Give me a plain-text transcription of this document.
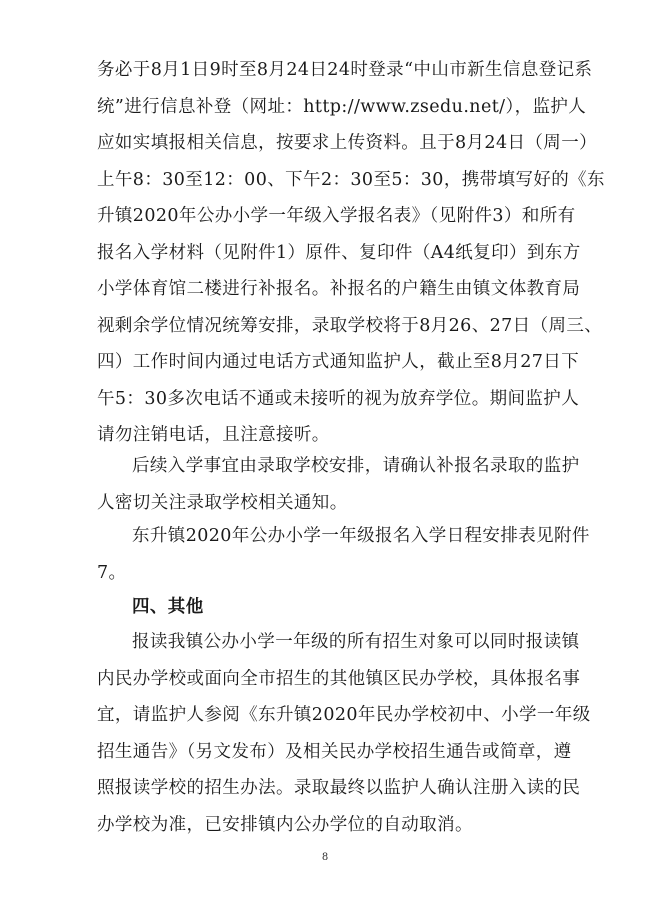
务必于8月1日9时至8月24日24时登录“中山市新生信息登记系
统”进行信息补登（网址：http://www.zsedu.net/），监护人
应如实填报相关信息，按要求上传资料。且于8月24日（周一）
上午8：30至12：00、下午2：30至5：30，携带填写好的《东
升镇2020年公办小学一年级入学报名表》（见附件3）和所有
报名入学材料（见附件1）原件、复印件（A4纸复印）到东方
小学体育馆二楼进行补报名。补报名的户籍生由镇文体教育局
视剩余学位情况统筹安排，录取学校将于8月26、27日（周三、
四）工作时间内通过电话方式通知监护人，截止至8月27日下
午5：30多次电话不通或未接听的视为放弃学位。期间监护人
请勿注销电话，且注意接听。
后续入学事宜由录取学校安排，请确认补报名录取的监护
人密切关注录取学校相关通知。
东升镇2020年公办小学一年级报名入学日程安排表见附件
7。
四、其他
报读我镇公办小学一年级的所有招生对象可以同时报读镇
内民办学校或面向全市招生的其他镇区民办学校，具体报名事
宜，请监护人参阅《东升镇2020年民办学校初中、小学一年级
招生通告》（另文发布）及相关民办学校招生通告或简章，遵
照报读学校的招生办法。录取最终以监护人确认注册入读的民
办学校为准，已安排镇内公办学位的自动取消。
8
